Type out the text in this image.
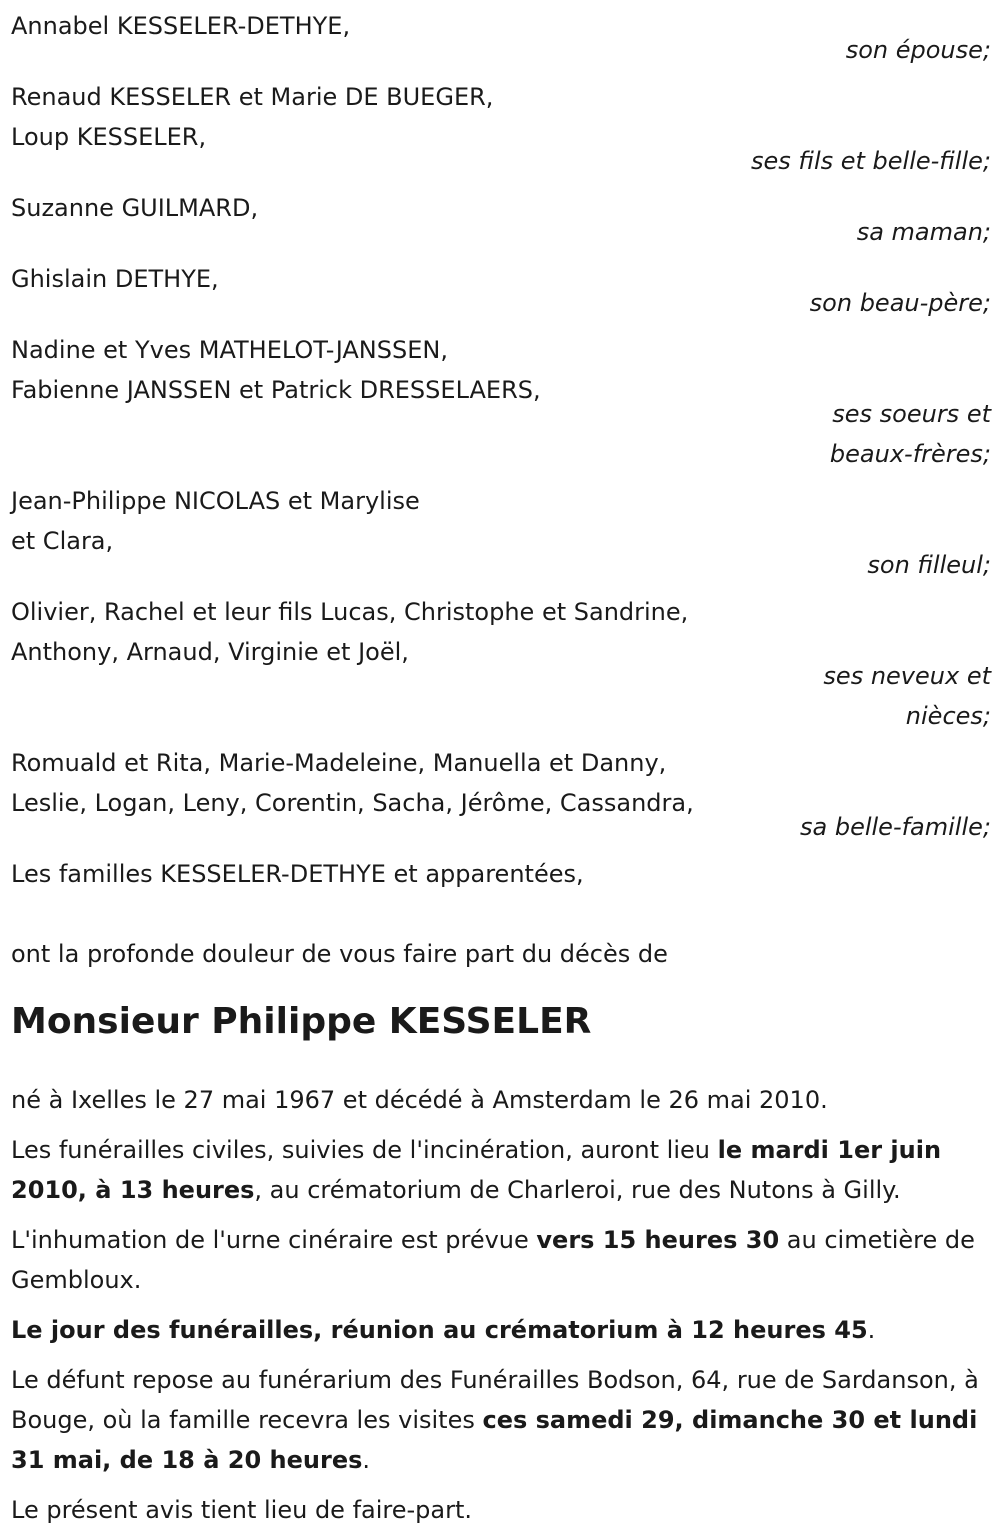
Annabel KESSELER-DETHYE,
son épouse;
Renaud KESSELER et Marie DE BUEGER,
Loup KESSELER,
ses fils et belle-fille;
Suzanne GUILMARD,
sa maman;
Ghislain DETHYE,
son beau-père;
Nadine et Yves MATHELOT-JANSSEN,
Fabienne JANSSEN et Patrick DRESSELAERS,
ses soeurs et
beaux-frères;
Jean-Philippe NICOLAS et Marylise
et Clara,
son filleul;
Olivier, Rachel et leur fils Lucas, Christophe et Sandrine,
Anthony, Arnaud, Virginie et Joël,
ses neveux et
nièces;
Romuald et Rita, Marie-Madeleine, Manuella et Danny,
Leslie, Logan, Leny, Corentin, Sacha, Jérôme, Cassandra,
sa belle-famille;
Les familles KESSELER-DETHYE et apparentées,
ont la profonde douleur de vous faire part du décès de
Monsieur Philippe KESSELER
né à Ixelles le 27 mai 1967 et décédé à Amsterdam le 26 mai 2010.
Les funérailles civiles, suivies de l'incinération, auront lieu le mardi 1er juin 2010, à 13 heures, au crématorium de Charleroi, rue des Nutons à Gilly.
L'inhumation de l'urne cinéraire est prévue vers 15 heures 30 au cimetière de Gembloux.
Le jour des funérailles, réunion au crématorium à 12 heures 45.
Le défunt repose au funérarium des Funérailles Bodson, 64, rue de Sardanson, à Bouge, où la famille recevra les visites ces samedi 29, dimanche 30 et lundi 31 mai, de 18 à 20 heures.
Le présent avis tient lieu de faire-part.
